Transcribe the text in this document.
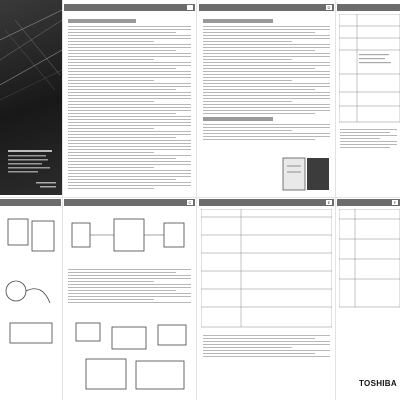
D
C	E	F
TOSHIBA
